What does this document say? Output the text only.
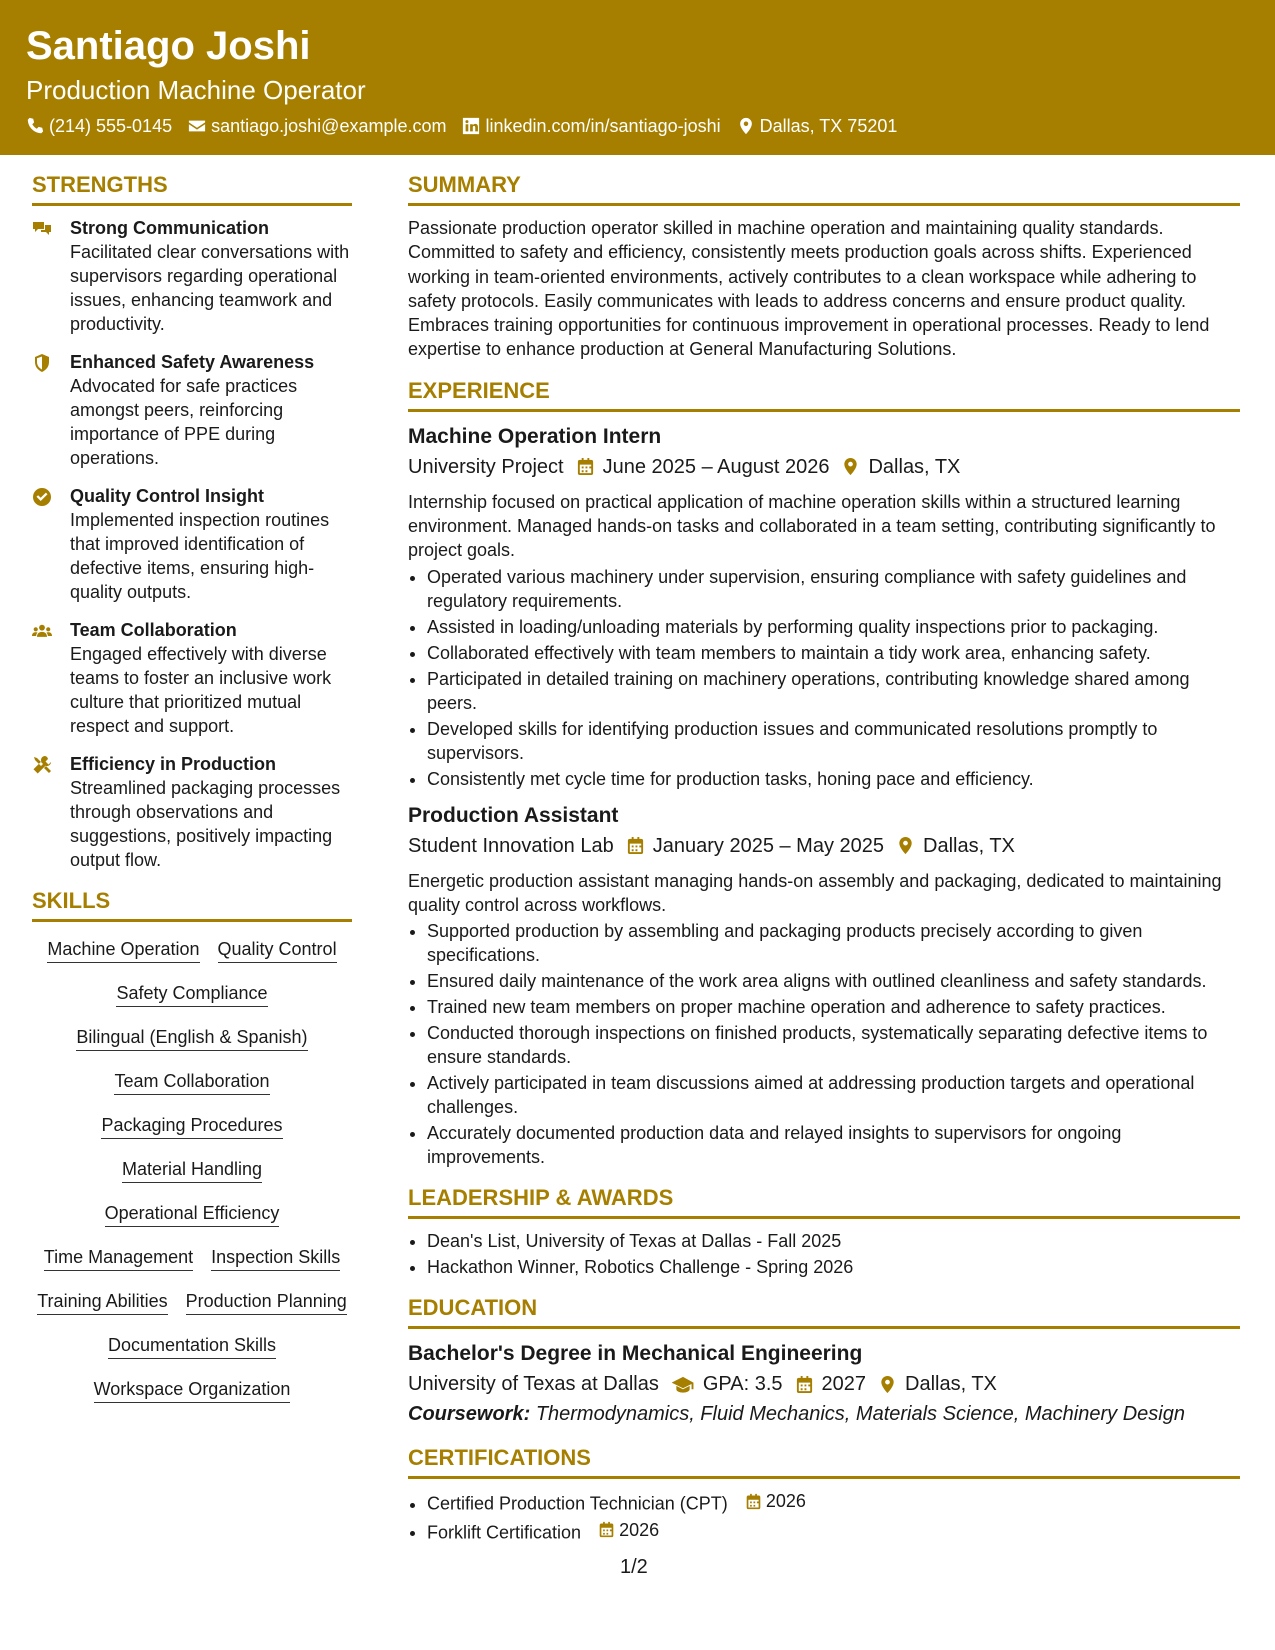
Santiago Joshi
Production Machine Operator
(214) 555-0145 santiago.joshi@example.com linkedin.com/in/santiago-joshi Dallas, TX 75201
STRENGTHS
Strong Communication
Facilitated clear conversations with supervisors regarding operational issues, enhancing teamwork and productivity.
Enhanced Safety Awareness
Advocated for safe practices amongst peers, reinforcing importance of PPE during operations.
Quality Control Insight
Implemented inspection routines that improved identification of defective items, ensuring high-quality outputs.
Team Collaboration
Engaged effectively with diverse teams to foster an inclusive work culture that prioritized mutual respect and support.
Efficiency in Production
Streamlined packaging processes through observations and suggestions, positively impacting output flow.
SKILLS
Machine Operation Quality Control
Safety Compliance
Bilingual (English & Spanish)
Team Collaboration
Packaging Procedures
Material Handling
Operational Efficiency
Time Management Inspection Skills
Training Abilities Production Planning
Documentation Skills
Workspace Organization
SUMMARY

Passionate production operator skilled in machine operation and maintaining quality standards. Committed to safety and efficiency, consistently meets production goals across shifts. Experienced working in team-oriented environments, actively contributes to a clean workspace while adhering to safety protocols. Easily communicates with leads to address concerns and ensure product quality. Embraces training opportunities for continuous improvement in operational processes. Ready to lend expertise to enhance production at General Manufacturing Solutions.

EXPERIENCE
Machine Operation Intern
University Project June 2025 – August 2026 Dallas, TX

Internship focused on practical application of machine operation skills within a structured learning environment. Managed hands-on tasks and collaborated in a team setting, contributing significantly to project goals.

• Operated various machinery under supervision, ensuring compliance with safety guidelines and regulatory requirements.
• Assisted in loading/unloading materials by performing quality inspections prior to packaging.
• Collaborated effectively with team members to maintain a tidy work area, enhancing safety.
• Participated in detailed training on machinery operations, contributing knowledge shared among peers.
• Developed skills for identifying production issues and communicated resolutions promptly to supervisors.
• Consistently met cycle time for production tasks, honing pace and efficiency.
Production Assistant
Student Innovation Lab January 2025 – May 2025 Dallas, TX

Energetic production assistant managing hands-on assembly and packaging, dedicated to maintaining quality control across workflows.

• Supported production by assembling and packaging products precisely according to given specifications.
• Ensured daily maintenance of the work area aligns with outlined cleanliness and safety standards.
• Trained new team members on proper machine operation and adherence to safety practices.
• Conducted thorough inspections on finished products, systematically separating defective items to ensure standards.
• Actively participated in team discussions aimed at addressing production targets and operational challenges.
• Accurately documented production data and relayed insights to supervisors for ongoing improvements.
LEADERSHIP & AWARDS
• Dean's List, University of Texas at Dallas - Fall 2025
• Hackathon Winner, Robotics Challenge - Spring 2026
EDUCATION
Bachelor's Degree in Mechanical Engineering
University of Texas at Dallas GPA: 3.5 2027 Dallas, TX
Coursework: Thermodynamics, Fluid Mechanics, Materials Science, Machinery Design
CERTIFICATIONS
• Certified Production Technician (CPT) 2026
• Forklift Certification 2026
1/2
